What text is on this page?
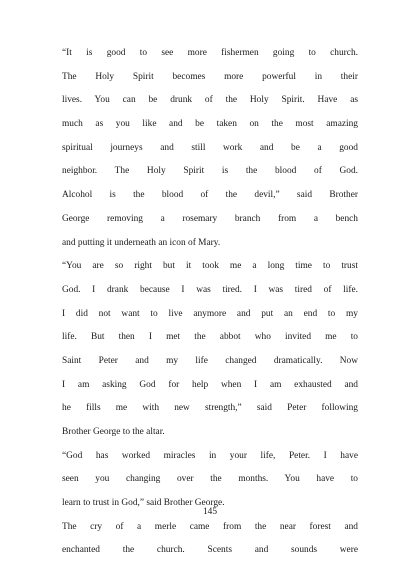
“It is good to see more fishermen going to church.
The Holy Spirit becomes more powerful in their
lives. You can be drunk of the Holy Spirit. Have as
much as you like and be taken on the most amazing
spiritual journeys and still work and be a good
neighbor. The Holy Spirit is the blood of God.
Alcohol is the blood of the devil,” said Brother
George removing a rosemary branch from a bench
and putting it underneath an icon of Mary.
“You are so right but it took me a long time to trust
God. I drank because I was tired. I was tired of life.
I did not want to live anymore and put an end to my
life. But then I met the abbot who invited me to
Saint Peter and my life changed dramatically. Now
I am asking God for help when I am exhausted and
he fills me with new strength,” said Peter following
Brother George to the altar.
“God has worked miracles in your life, Peter. I have
seen you changing over the months. You have to
learn to trust in God,” said Brother George.
The cry of a merle came from the near forest and
enchanted the church. Scents and sounds were
145
